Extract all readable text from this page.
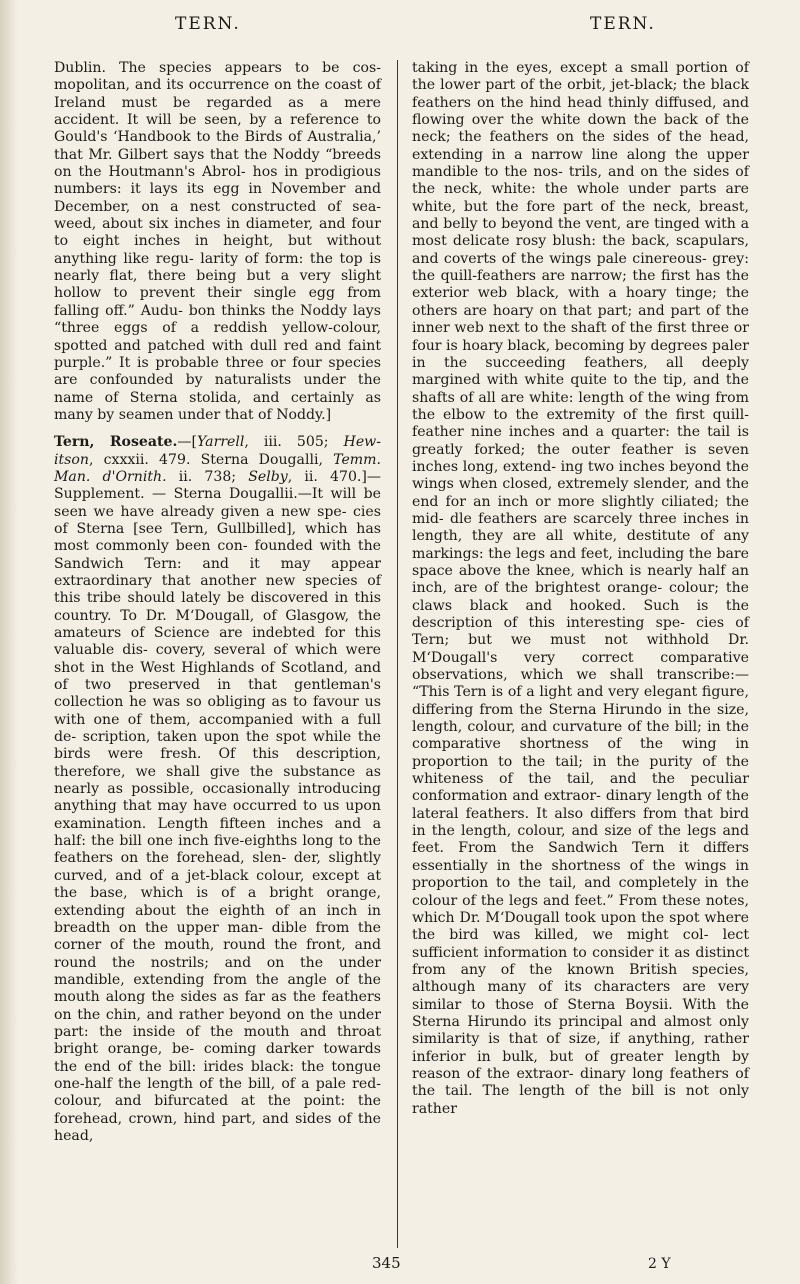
TERN.	TERN.

Dublin. The species appears to be cos- mopolitan, and its occurrence on the coast of Ireland must be regarded as a mere accident. It will be seen, by a reference to Gould's ‘Handbook to the Birds of Australia,’ that Mr. Gilbert says that the Noddy “breeds on the Houtmann's Abrol- hos in prodigious numbers: it lays its egg in November and December, on a nest constructed of sea-weed, about six inches in diameter, and four to eight inches in height, but without anything like regu- larity of form: the top is nearly flat, there being but a very slight hollow to prevent their single egg from falling off.” Audu- bon thinks the Noddy lays “three eggs of a reddish yellow-colour, spotted and patched with dull red and faint purple.” It is probable three or four species are confounded by naturalists under the name of Sterna stolida, and certainly as many by seamen under that of Noddy.]

Tern, Roseate.—[Yarrell, iii. 505; Hew- itson, cxxxii. 479. Sterna Dougalli, Temm. Man. d'Ornith. ii. 738; Selby, ii. 470.]— Supplement. — Sterna Dougallii.—It will be seen we have already given a new spe- cies of Sterna [see Tern, Gullbilled], which has most commonly been con- founded with the Sandwich Tern: and it may appear extraordinary that another new species of this tribe should lately be discovered in this country. To Dr. M‘Dougall, of Glasgow, the amateurs of Science are indebted for this valuable dis- covery, several of which were shot in the West Highlands of Scotland, and of two preserved in that gentleman's collection he was so obliging as to favour us with one of them, accompanied with a full de- scription, taken upon the spot while the birds were fresh. Of this description, therefore, we shall give the substance as nearly as possible, occasionally introducing anything that may have occurred to us upon examination. Length fifteen inches and a half: the bill one inch five-eighths long to the feathers on the forehead, slen- der, slightly curved, and of a jet-black colour, except at the base, which is of a bright orange, extending about the eighth of an inch in breadth on the upper man- dible from the corner of the mouth, round the front, and round the nostrils; and on the under mandible, extending from the angle of the mouth along the sides as far as the feathers on the chin, and rather beyond on the under part: the inside of the mouth and throat bright orange, be- coming darker towards the end of the bill: irides black: the tongue one-half the length of the bill, of a pale red-colour, and bifurcated at the point: the forehead, crown, hind part, and sides of the head,

taking in the eyes, except a small portion of the lower part of the orbit, jet-black; the black feathers on the hind head thinly diffused, and flowing over the white down the back of the neck; the feathers on the sides of the head, extending in a narrow line along the upper mandible to the nos- trils, and on the sides of the neck, white: the whole under parts are white, but the fore part of the neck, breast, and belly to beyond the vent, are tinged with a most delicate rosy blush: the back, scapulars, and coverts of the wings pale cinereous- grey: the quill-feathers are narrow; the first has the exterior web black, with a hoary tinge; the others are hoary on that part; and part of the inner web next to the shaft of the first three or four is hoary black, becoming by degrees paler in the succeeding feathers, all deeply margined with white quite to the tip, and the shafts of all are white: length of the wing from the elbow to the extremity of the first quill-feather nine inches and a quarter: the tail is greatly forked; the outer feather is seven inches long, extend- ing two inches beyond the wings when closed, extremely slender, and the end for an inch or more slightly ciliated; the mid- dle feathers are scarcely three inches in length, they are all white, destitute of any markings: the legs and feet, including the bare space above the knee, which is nearly half an inch, are of the brightest orange- colour; the claws black and hooked. Such is the description of this interesting spe- cies of Tern; but we must not withhold Dr. M‘Dougall's very correct comparative observations, which we shall transcribe:— “This Tern is of a light and very elegant figure, differing from the Sterna Hirundo in the size, length, colour, and curvature of the bill; in the comparative shortness of the wing in proportion to the tail; in the purity of the whiteness of the tail, and the peculiar conformation and extraor- dinary length of the lateral feathers. It also differs from that bird in the length, colour, and size of the legs and feet. From the Sandwich Tern it differs essentially in the shortness of the wings in proportion to the tail, and completely in the colour of the legs and feet.” From these notes, which Dr. M‘Dougall took upon the spot where the bird was killed, we might col- lect sufficient information to consider it as distinct from any of the known British species, although many of its characters are very similar to those of Sterna Boysii. With the Sterna Hirundo its principal and almost only similarity is that of size, if anything, rather inferior in bulk, but of greater length by reason of the extraor- dinary long feathers of the tail. The length of the bill is not only rather

345	2 Y
